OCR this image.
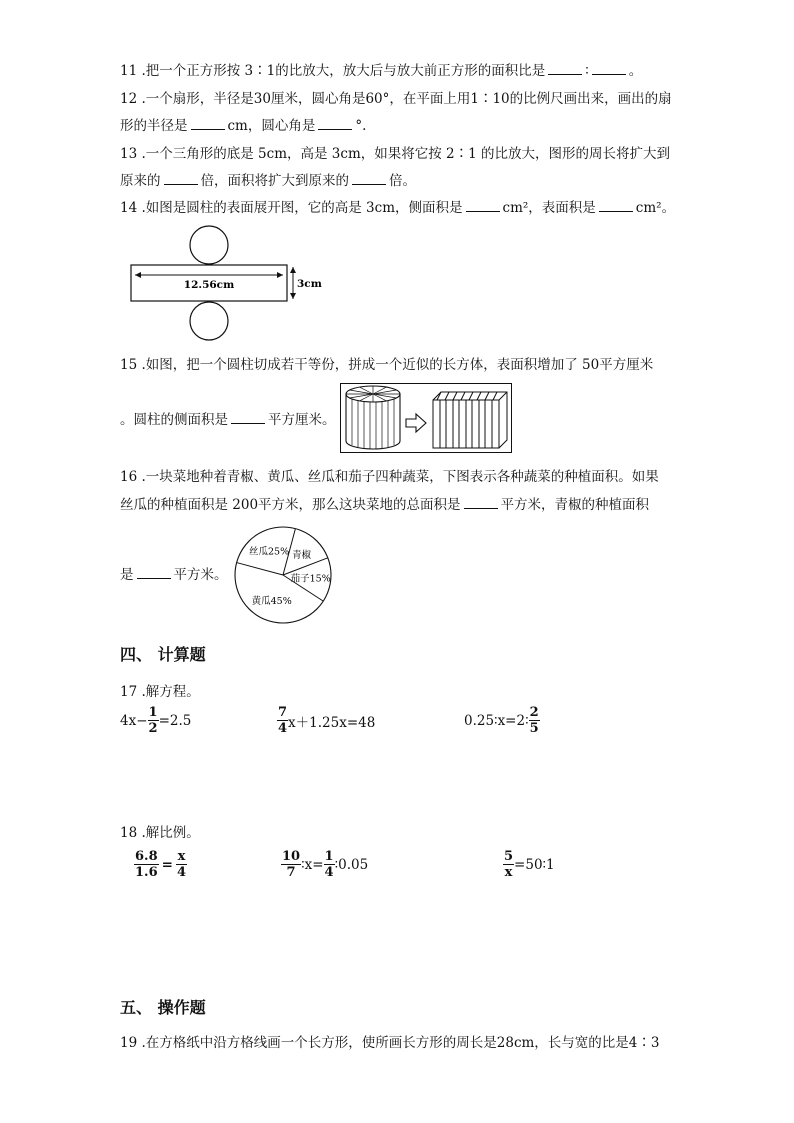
11 .把一个正方形按 3∶1的比放大，放大后与放大前正方形的面积比是	∶	。
12 .一个扇形，半径是30厘米，圆心角是60°，在平面上用1∶10的比例尺画出来，画出的扇
形的半径是	cm，圆心角是	°.
13 .一个三角形的底是 5cm，高是 3cm，如果将它按 2∶1 的比放大，图形的周长将扩大到
原来的	倍，面积将扩大到原来的	倍。
14 .如图是圆柱的表面展开图，它的高是 3cm，侧面积是	cm²，表面积是	cm²。
12.56cm	3cm
15 .如图，把一个圆柱切成若干等份，拼成一个近似的长方体，表面积增加了 50平方厘米
。圆柱的侧面积是	平方厘米。
16 .一块菜地种着青椒、黄瓜、丝瓜和茄子四种蔬菜，下图表示各种蔬菜的种植面积。如果
丝瓜的种植面积是 200平方米，那么这块菜地的总面积是	平方米，青椒的种植面积
是	平方米。
青椒
茄子15%
黄瓜45%
丝瓜25%
四、 计算题
17 .解方程。
$4x- \frac{1}{2} =2.5$	$\frac{7}{4} x+1.25x=48$	0.25∶x=2∶ $\frac{2}{5}$
18 .解比例。
$\frac{6.8}{1.6} = \frac{x}{4}$	$\frac{10}{7}$ ∶x= $\frac{1}{4}$ ∶0.05	$\frac{5}{x}$ =50∶1
五、 操作题
19 .在方格纸中沿方格线画一个长方形，使所画长方形的周长是28cm，长与宽的比是4∶3
